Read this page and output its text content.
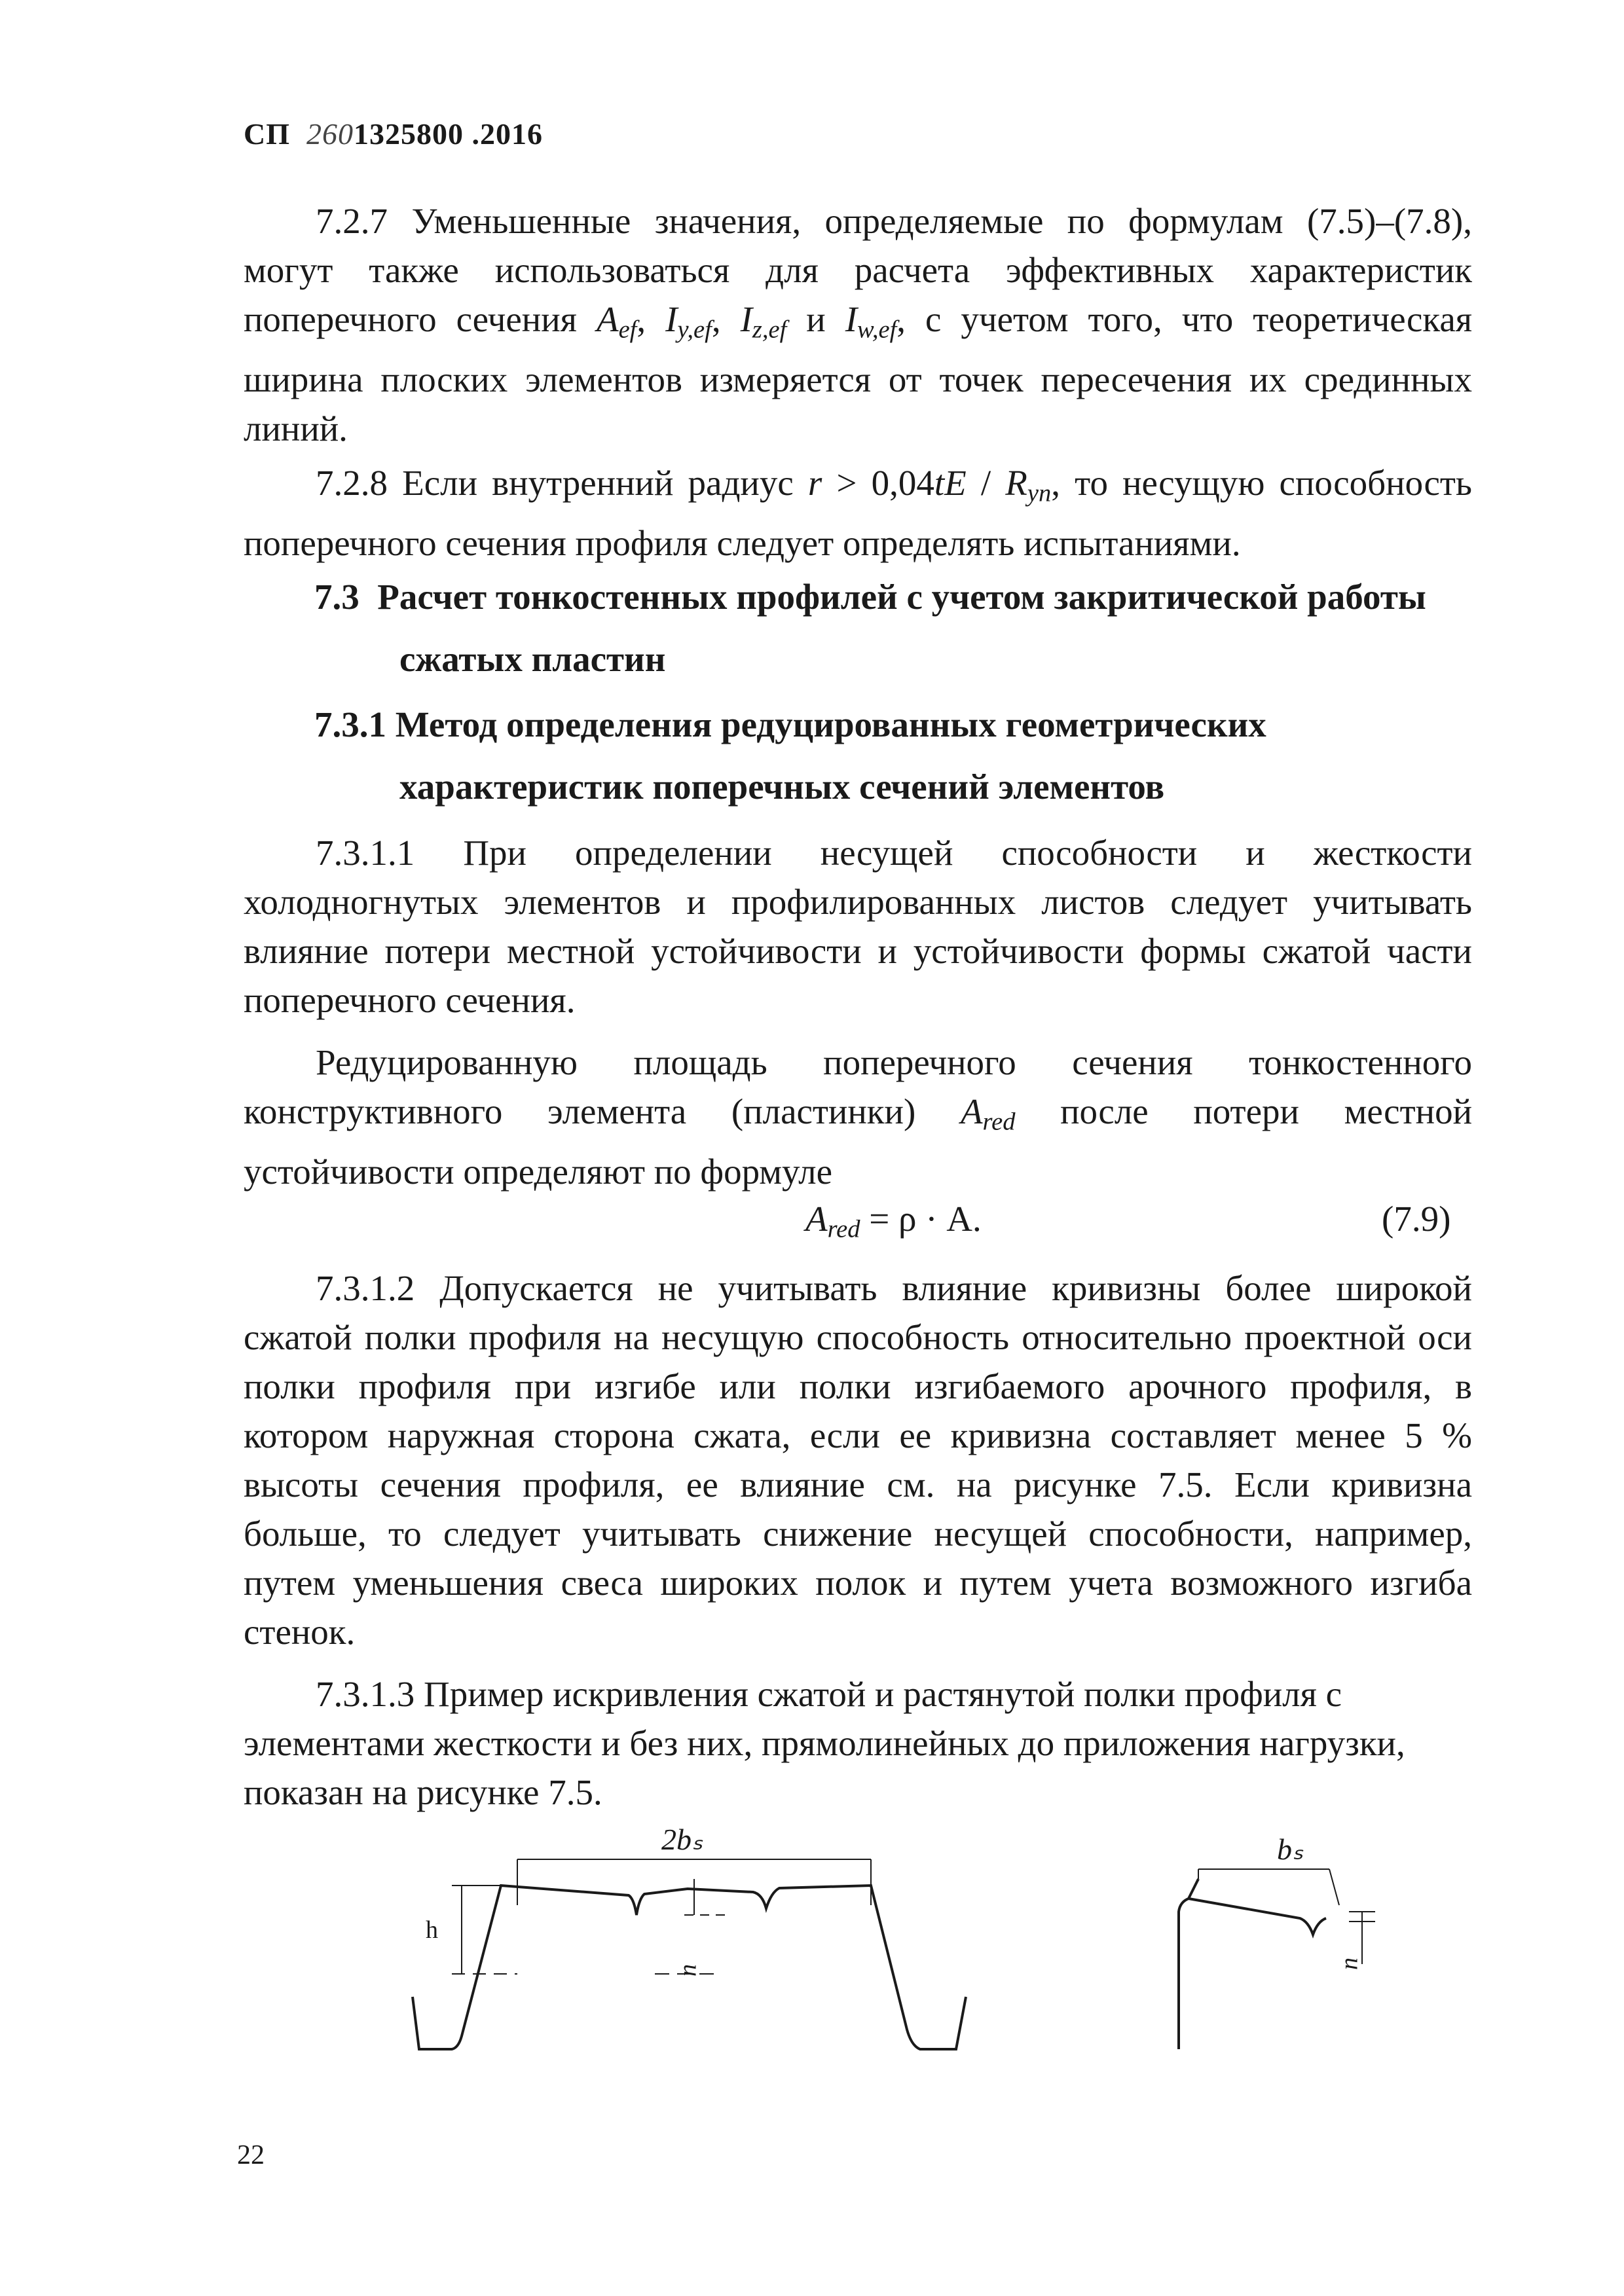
СП 2601325800 .2016

7.2.7 Уменьшенные значения, определяемые по формулам (7.5)–(7.8), могут также использоваться для расчета эффективных характеристик поперечного сечения $A_{ef}$, $I_{y,ef}$, $I_{z,ef}$ и $I_{w,ef}$, с учетом того, что теоретическая ширина плоских элементов измеряется от точек пересечения их срединных линий.

7.2.8 Если внутренний радиус $r > 0,04tE / R_{yn}$, то несущую способность поперечного сечения профиля следует определять испытаниями.

7.3 Расчет тонкостенных профилей с учетом закритической работы
сжатых пластин
7.3.1 Метод определения редуцированных геометрических
характеристик поперечных сечений элементов

7.3.1.1 При определении несущей способности и жесткости холодногнутых элементов и профилированных листов следует учитывать влияние потери местной устойчивости и устойчивости формы сжатой части поперечного сечения.

Редуцированную площадь поперечного сечения тонкостенного конструктивного элемента (пластинки) $A_{red}$ после потери местной устойчивости определяют по формуле

$A_{red} = \rho \cdot A$.	(7.9)

7.3.1.2 Допускается не учитывать влияние кривизны более широкой сжатой полки профиля на несущую способность относительно проектной оси полки профиля при изгибе или полки изгибаемого арочного профиля, в котором наружная сторона сжата, если ее кривизна составляет менее 5 % высоты сечения профиля, ее влияние см. на рисунке 7.5. Если кривизна больше, то следует учитывать снижение несущей способности, например, путем уменьшения свеса широких полок и путем учета возможного изгиба стенок.

7.3.1.3 Пример искривления сжатой и растянутой полки профиля с элементами жесткости и без них, прямолинейных до приложения нагрузки, показан на рисунке 7.5.

2bₛ
h
u
bₛ
u
22
